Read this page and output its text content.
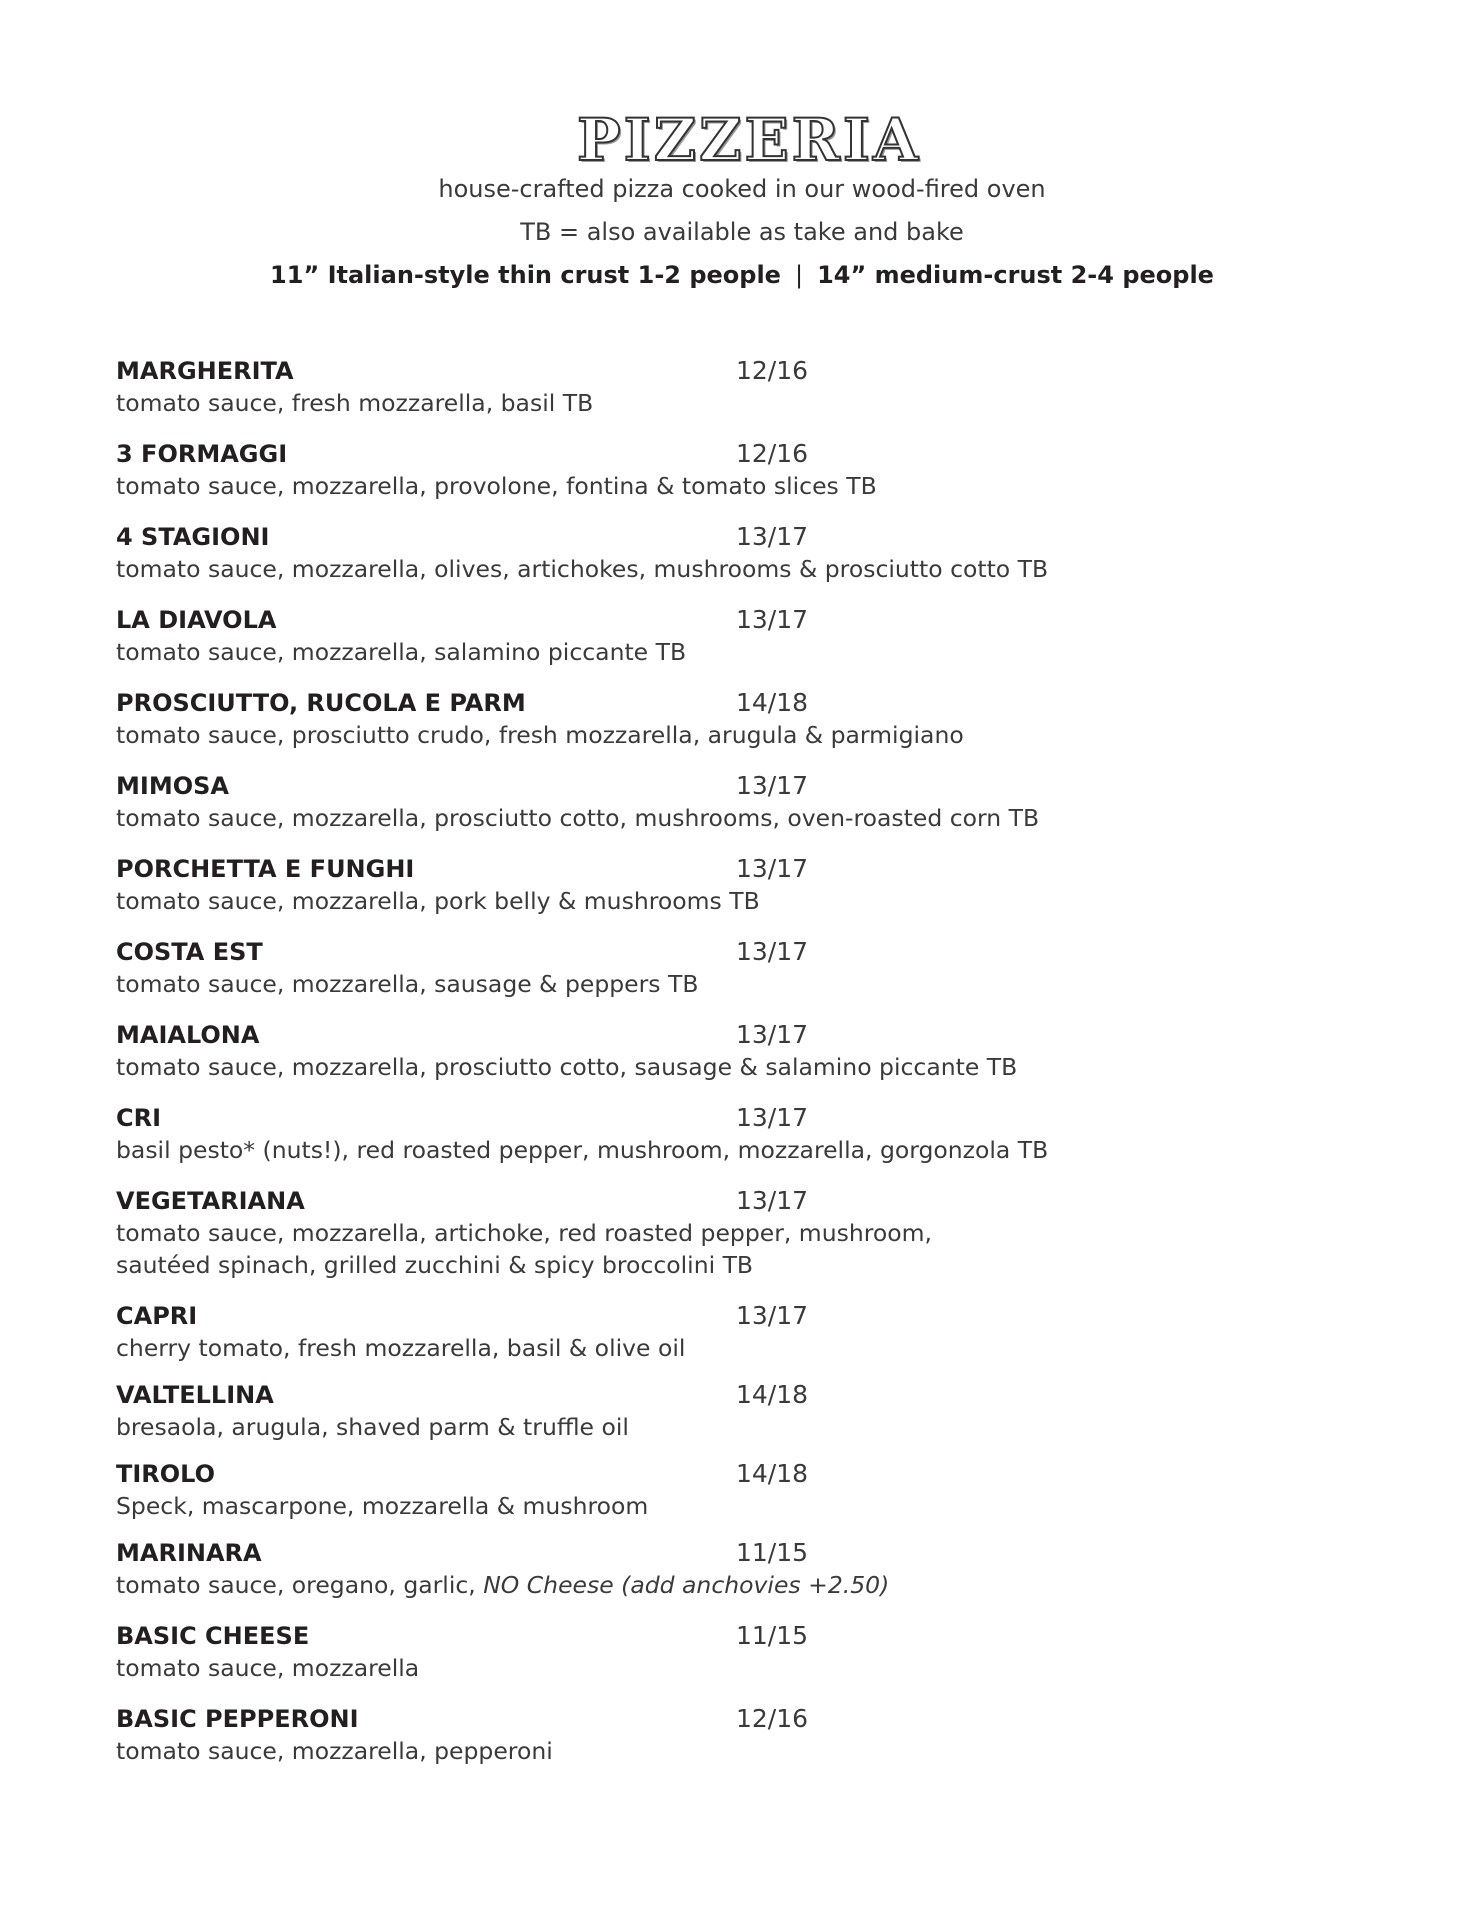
PIZZERIA
house-crafted pizza cooked in our wood-fired oven
TB = also available as take and bake
11” Italian-style thin crust 1-2 people | 14” medium-crust 2-4 people
MARGHERITA	12/16
tomato sauce, fresh mozzarella, basil TB
3 FORMAGGI	12/16
tomato sauce, mozzarella, provolone, fontina & tomato slices TB
4 STAGIONI	13/17
tomato sauce, mozzarella, olives, artichokes, mushrooms & prosciutto cotto TB
LA DIAVOLA	13/17
tomato sauce, mozzarella, salamino piccante TB
PROSCIUTTO, RUCOLA E PARM	14/18
tomato sauce, prosciutto crudo, fresh mozzarella, arugula & parmigiano
MIMOSA	13/17
tomato sauce, mozzarella, prosciutto cotto, mushrooms, oven-roasted corn TB
PORCHETTA E FUNGHI	13/17
tomato sauce, mozzarella, pork belly & mushrooms TB
COSTA EST	13/17
tomato sauce, mozzarella, sausage & peppers TB
MAIALONA	13/17
tomato sauce, mozzarella, prosciutto cotto, sausage & salamino piccante TB
CRI	13/17
basil pesto* (nuts!), red roasted pepper, mushroom, mozzarella, gorgonzola TB
VEGETARIANA	13/17
tomato sauce, mozzarella, artichoke, red roasted pepper, mushroom,
sautéed spinach, grilled zucchini & spicy broccolini TB
CAPRI	13/17
cherry tomato, fresh mozzarella, basil & olive oil
VALTELLINA	14/18
bresaola, arugula, shaved parm & truffle oil
TIROLO	14/18
Speck, mascarpone, mozzarella & mushroom
MARINARA	11/15
tomato sauce, oregano, garlic, NO Cheese (add anchovies +2.50)
BASIC CHEESE	11/15
tomato sauce, mozzarella
BASIC PEPPERONI	12/16
tomato sauce, mozzarella, pepperoni
